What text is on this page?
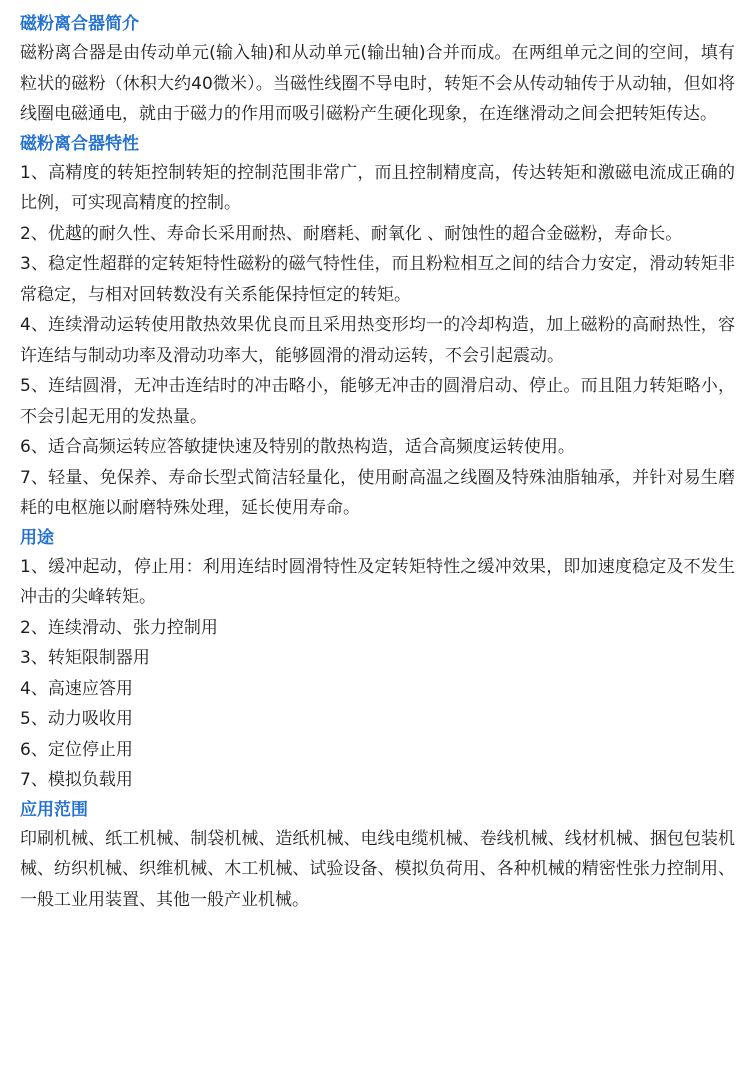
磁粉离合器简介

磁粉离合器是由传动单元(输入轴)和从动单元(输出轴)合并而成。在两组单元之间的空间，填有粒状的磁粉（休积大约40微米）。当磁性线圈不导电时，转矩不会从传动轴传于从动轴，但如将线圈电磁通电，就由于磁力的作用而吸引磁粉产生硬化现象，在连继滑动之间会把转矩传达。

磁粉离合器特性

1、高精度的转矩控制转矩的控制范围非常广，而且控制精度高，传达转矩和激磁电流成正确的比例，可实现高精度的控制。

2、优越的耐久性、寿命长采用耐热、耐磨耗、耐氧化 、耐蚀性的超合金磁粉，寿命长。

3、稳定性超群的定转矩特性磁粉的磁气特性佳，而且粉粒相互之间的结合力安定，滑动转矩非常稳定，与相对回转数没有关系能保持恒定的转矩。

4、连续滑动运转使用散热效果优良而且采用热变形均一的冷却构造，加上磁粉的高耐热性，容许连结与制动功率及滑动功率大，能够圆滑的滑动运转，不会引起震动。

5、连结圆滑，无冲击连结时的冲击略小，能够无冲击的圆滑启动、停止。而且阻力转矩略小，不会引起无用的发热量。

6、适合高频运转应答敏捷快速及特别的散热构造，适合高频度运转使用。

7、轻量、免保养、寿命长型式简洁轻量化，使用耐高温之线圈及特殊油脂轴承，并针对易生磨耗的电枢施以耐磨特殊处理，延长使用寿命。

用途

1、缓冲起动，停止用：利用连结时圆滑特性及定转矩特性之缓冲效果，即加速度稳定及不发生冲击的尖峰转矩。

2、连续滑动、张力控制用

3、转矩限制器用

4、高速应答用

5、动力吸收用

6、定位停止用

7、模拟负载用

应用范围

印刷机械、纸工机械、制袋机械、造纸机械、电线电缆机械、卷线机械、线材机械、捆包包装机械、纺织机械、织维机械、木工机械、试验设备、模拟负荷用、各种机械的精密性张力控制用、一般工业用装置、其他一般产业机械。
